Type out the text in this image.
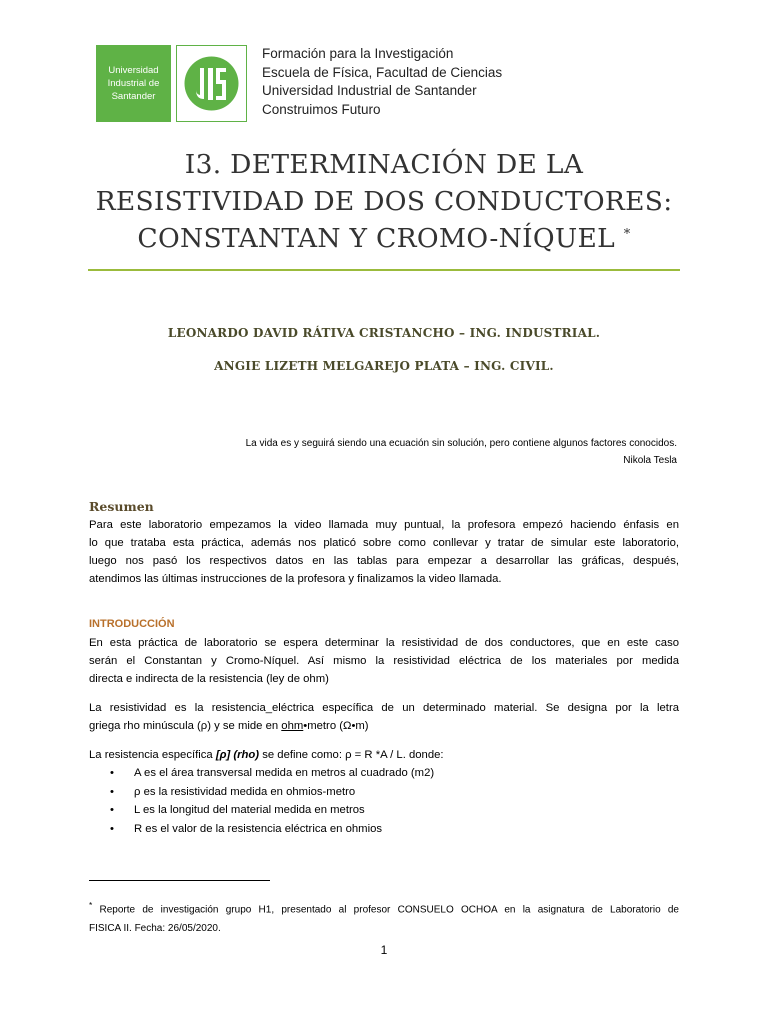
Universidad
Industrial de
Santander
Formación para la Investigación
Escuela de Física, Facultad de Ciencias
Universidad Industrial de Santander
Construimos Futuro
I3. DETERMINACIÓN DE LA
RESISTIVIDAD DE DOS CONDUCTORES:
CONSTANTAN Y CROMO-NÍQUEL *
LEONARDO DAVID RÁTIVA CRISTANCHO – ING. INDUSTRIAL.
ANGIE LIZETH MELGAREJO PLATA – ING. CIVIL.
La vida es y seguirá siendo una ecuación sin solución, pero contiene algunos factores conocidos.
Nikola Tesla
Resumen
Para este laboratorio empezamos la video llamada muy puntual, la profesora empezó haciendo énfasis en
lo que trataba esta práctica, además nos platicó sobre como conllevar y tratar de simular este laboratorio,
luego nos pasó los respectivos datos en las tablas para empezar a desarrollar las gráficas, después,
atendimos las últimas instrucciones de la profesora y finalizamos la video llamada.
INTRODUCCIÓN
En esta práctica de laboratorio se espera determinar la resistividad de dos conductores, que en este caso
serán el Constantan y Cromo-Níquel. Así mismo la resistividad eléctrica de los materiales por medida
directa e indirecta de la resistencia (ley de ohm)
La resistividad es la resistencia_eléctrica específica de un determinado material. Se designa por la letra
griega rho minúscula (ρ) y se mide en ohm•metro (Ω•m)
La resistencia específica [ρ] (rho) se define como: ρ = R *A / L. donde:
•	A es el área transversal medida en metros al cuadrado (m2)
•	ρ es la resistividad medida en ohmios-metro
•	L es la longitud del material medida en metros
•	R es el valor de la resistencia eléctrica en ohmios
* Reporte de investigación grupo H1, presentado al profesor CONSUELO OCHOA en la asignatura de Laboratorio de
FISICA II. Fecha: 26/05/2020.
1
